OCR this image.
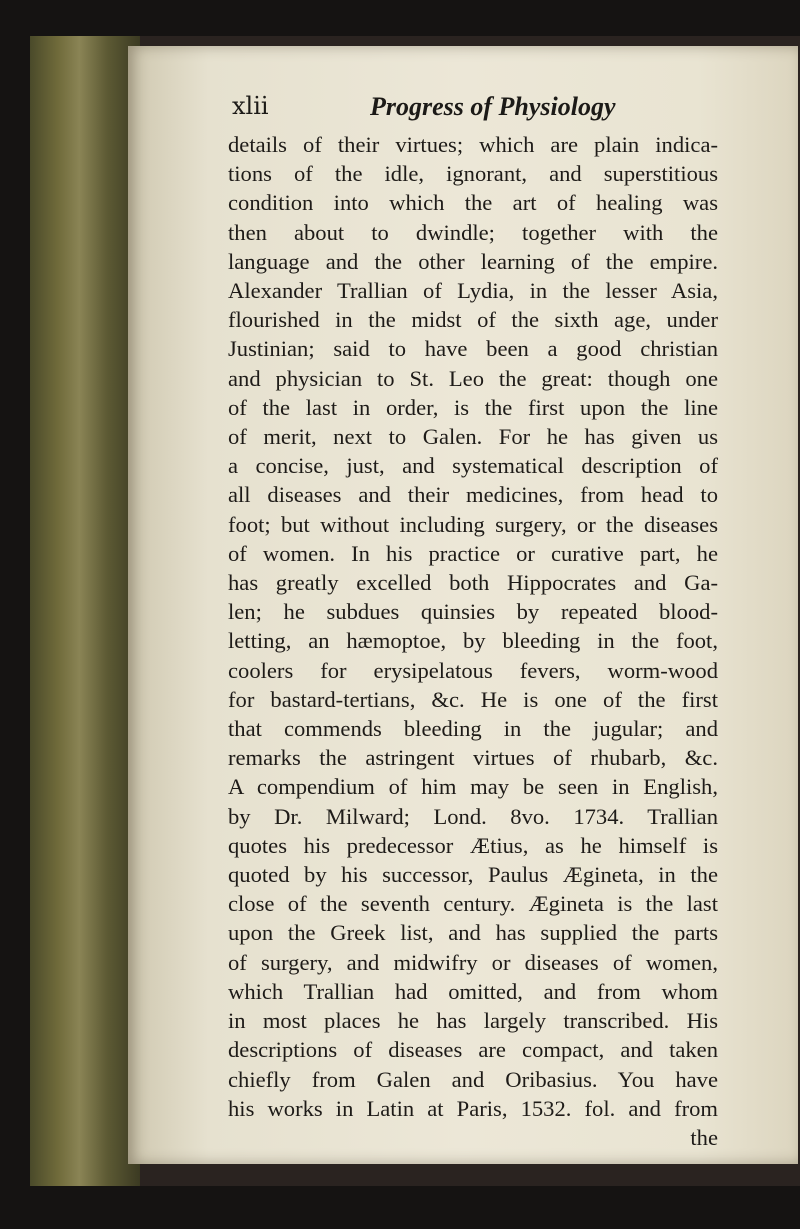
xlii	Progress of Physiology
details of their virtues; which are plain indica-
tions of the idle, ignorant, and superstitious
condition into which the art of healing was
then about to dwindle; together with the
language and the other learning of the empire.
Alexander Trallian of Lydia, in the lesser Asia,
flourished in the midst of the sixth age, under
Justinian; said to have been a good christian
and physician to St. Leo the great: though one
of the last in order, is the first upon the line
of merit, next to Galen. For he has given us
a concise, just, and systematical description of
all diseases and their medicines, from head to
foot; but without including surgery, or the diseases
of women. In his practice or curative part, he
has greatly excelled both Hippocrates and Ga-
len; he subdues quinsies by repeated blood-
letting, an hæmoptoe, by bleeding in the foot,
coolers for erysipelatous fevers, worm-wood
for bastard-tertians, &c. He is one of the first
that commends bleeding in the jugular; and
remarks the astringent virtues of rhubarb, &c.
A compendium of him may be seen in English,
by Dr. Milward; Lond. 8vo. 1734. Trallian
quotes his predecessor Ætius, as he himself is
quoted by his successor, Paulus Ægineta, in the
close of the seventh century. Ægineta is the last
upon the Greek list, and has supplied the parts
of surgery, and midwifry or diseases of women,
which Trallian had omitted, and from whom
in most places he has largely transcribed. His
descriptions of diseases are compact, and taken
chiefly from Galen and Oribasius. You have
his works in Latin at Paris, 1532. fol. and from
the
